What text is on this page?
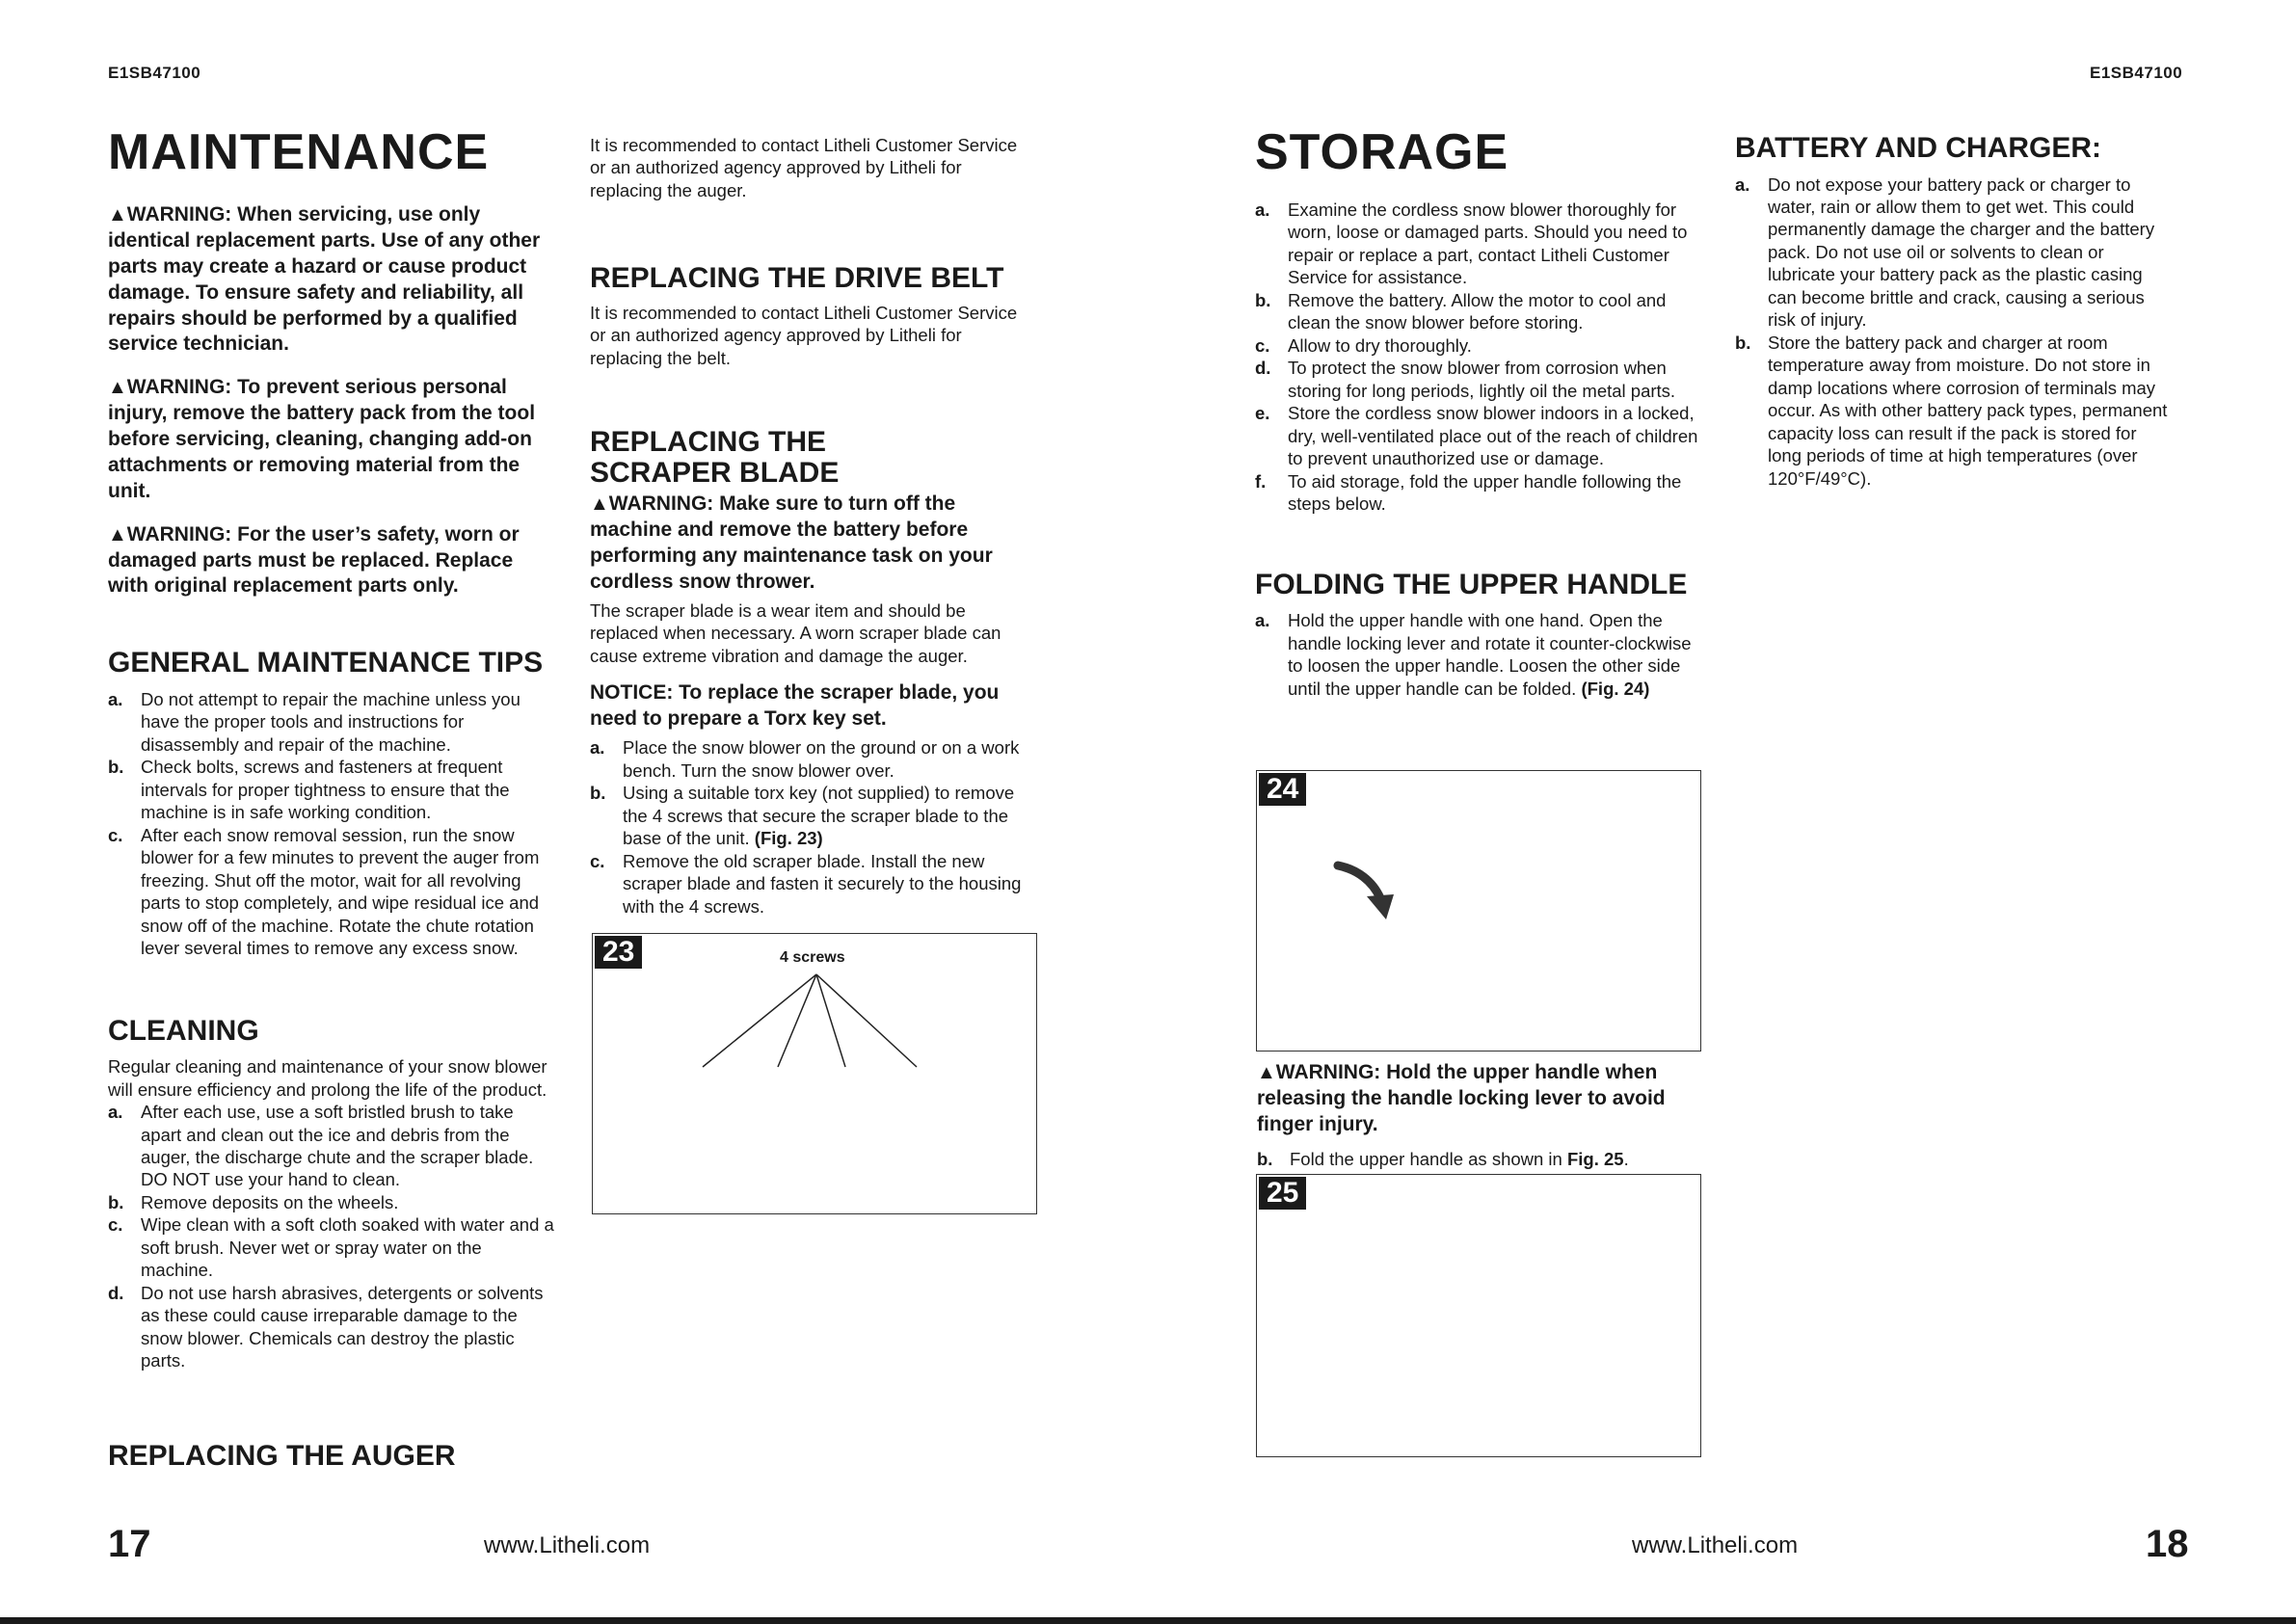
E1SB47100
MAINTENANCE
▲WARNING: When servicing, use only identical replacement parts. Use of any other parts may create a hazard or cause product damage. To ensure safety and reliability, all repairs should be performed by a qualified service technician.
▲WARNING: To prevent serious personal injury, remove the battery pack from the tool before servicing, cleaning, changing add-on attachments or removing material from the unit.
▲WARNING: For the user’s safety, worn or damaged parts must be replaced. Replace with original replacement parts only.
GENERAL MAINTENANCE TIPS
a. Do not attempt to repair the machine unless you have the proper tools and instructions for disassembly and repair of the machine.
b. Check bolts, screws and fasteners at frequent intervals for proper tightness to ensure that the machine is in safe working condition.
c. After each snow removal session, run the snow blower for a few minutes to prevent the auger from freezing. Shut off the motor, wait for all revolving parts to stop completely, and wipe residual ice and snow off of the machine. Rotate the chute rotation lever several times to remove any excess snow.
CLEANING
Regular cleaning and maintenance of your snow blower will ensure efficiency and prolong the life of the product.
a. After each use, use a soft bristled brush to take apart and clean out the ice and debris from the auger, the discharge chute and the scraper blade. DO NOT use your hand to clean.
b. Remove deposits on the wheels.
c. Wipe clean with a soft cloth soaked with water and a soft brush. Never wet or spray water on the machine.
d. Do not use harsh abrasives, detergents or solvents as these could cause irreparable damage to the snow blower. Chemicals can destroy the plastic parts.
REPLACING THE AUGER
It is recommended to contact Litheli Customer Service or an authorized agency approved by Litheli for replacing the auger.
REPLACING THE DRIVE BELT
It is recommended to contact Litheli Customer Service or an authorized agency approved by Litheli for replacing the belt.
REPLACING THE
SCRAPER BLADE
▲WARNING: Make sure to turn off the machine and remove the battery before performing any maintenance task on your cordless snow thrower.
The scraper blade is a wear item and should be replaced when necessary. A worn scraper blade can cause extreme vibration and damage the auger.
NOTICE: To replace the scraper blade, you need to prepare a Torx key set.
a. Place the snow blower on the ground or on a work bench. Turn the snow blower over.
b. Using a suitable torx key (not supplied) to remove the 4 screws that secure the scraper blade to the base of the unit. (Fig. 23)
c. Remove the old scraper blade. Install the new scraper blade and fasten it securely to the housing with the 4 screws.
23	4 screws
17	www.Litheli.com
E1SB47100
STORAGE
a. Examine the cordless snow blower thoroughly for worn, loose or damaged parts. Should you need to repair or replace a part, contact Litheli Customer Service for assistance.
b. Remove the battery. Allow the motor to cool and clean the snow blower before storing.
c. Allow to dry thoroughly.
d. To protect the snow blower from corrosion when storing for long periods, lightly oil the metal parts.
e. Store the cordless snow blower indoors in a locked, dry, well-ventilated place out of the reach of children to prevent unauthorized use or damage.
f. To aid storage, fold the upper handle following the steps below.
FOLDING THE UPPER HANDLE
a. Hold the upper handle with one hand. Open the handle locking lever and rotate it counter-clockwise to loosen the upper handle. Loosen the other side until the upper handle can be folded. (Fig. 24)
24
▲WARNING: Hold the upper handle when releasing the handle locking lever to avoid finger injury.
b. Fold the upper handle as shown in Fig. 25.
25
BATTERY AND CHARGER:
a. Do not expose your battery pack or charger to water, rain or allow them to get wet. This could permanently damage the charger and the battery pack. Do not use oil or solvents to clean or lubricate your battery pack as the plastic casing can become brittle and crack, causing a serious risk of injury.
b. Store the battery pack and charger at room temperature away from moisture. Do not store in damp locations where corrosion of terminals may occur. As with other battery pack types, permanent capacity loss can result if the pack is stored for long periods of time at high temperatures (over 120°F/49°C).
www.Litheli.com	18
